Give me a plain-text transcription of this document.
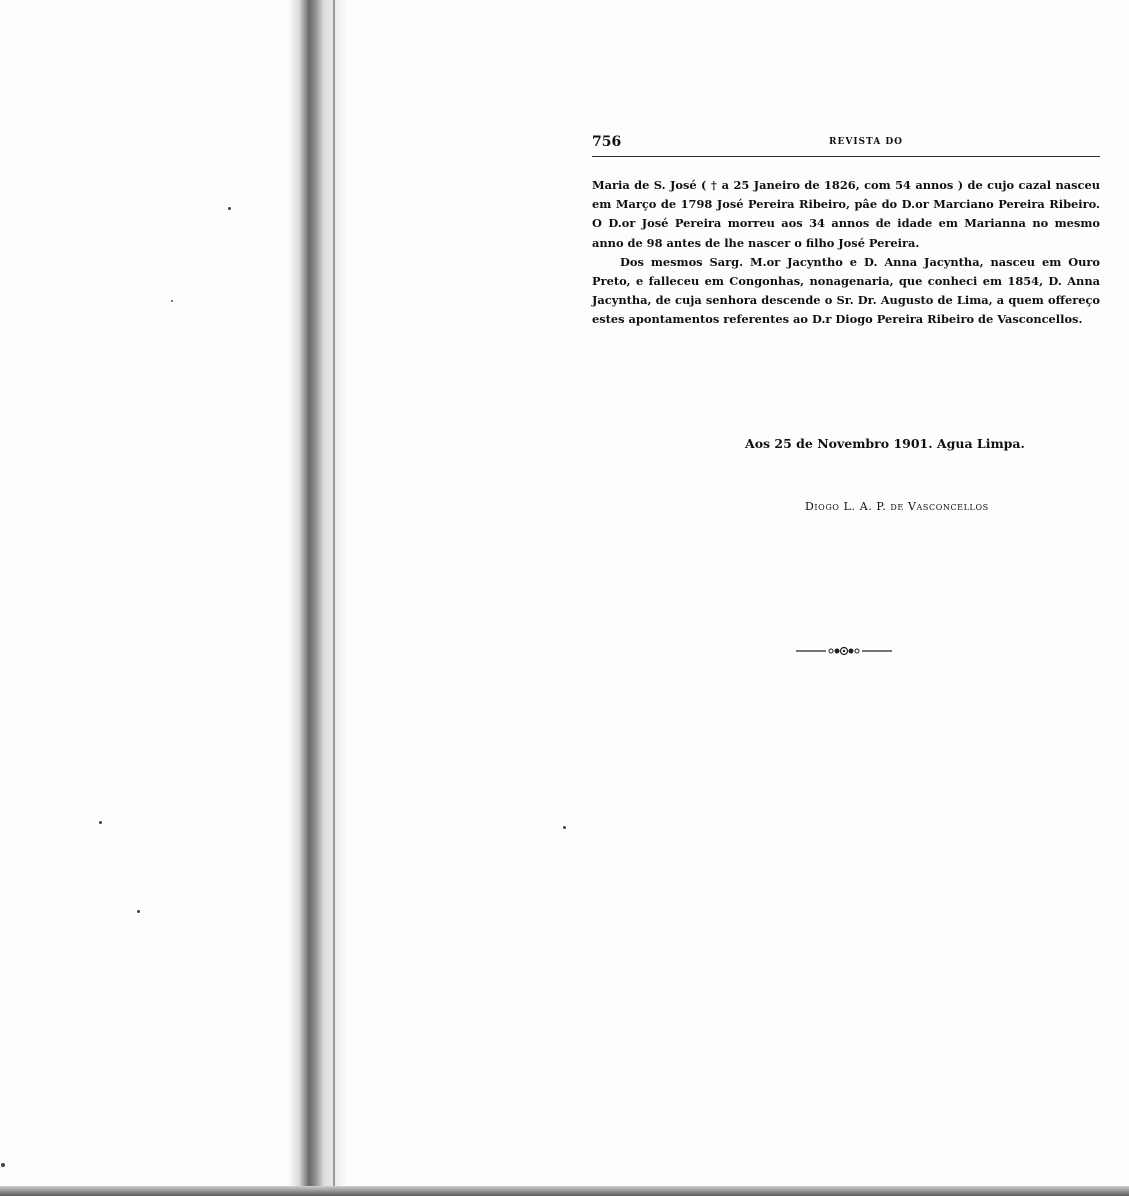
756	REVISTA DO

Maria de S. José ( † a 25 Janeiro de 1826, com 54 annos ) de cujo cazal nasceu em Março de 1798 José Pereira Ribeiro, pâe do D.or Marciano Pereira Ribeiro. O D.or José Pereira morreu aos 34 annos de idade em Marianna no mesmo anno de 98 antes de lhe nascer o filho José Pereira.

Dos mesmos Sarg. M.or Jacyntho e D. Anna Jacyntha, nasceu em Ouro Preto, e falleceu em Congonhas, nonagenaria, que conheci em 1854, D. Anna Jacyntha, de cuja senhora descende o Sr. Dr. Augusto de Lima, a quem offereço estes apontamentos referentes ao D.r Diogo Pereira Ribeiro de Vasconcellos.

Aos 25 de Novembro 1901. Agua Limpa.
DIOGO L. A. P. DE VASCONCELLOS
